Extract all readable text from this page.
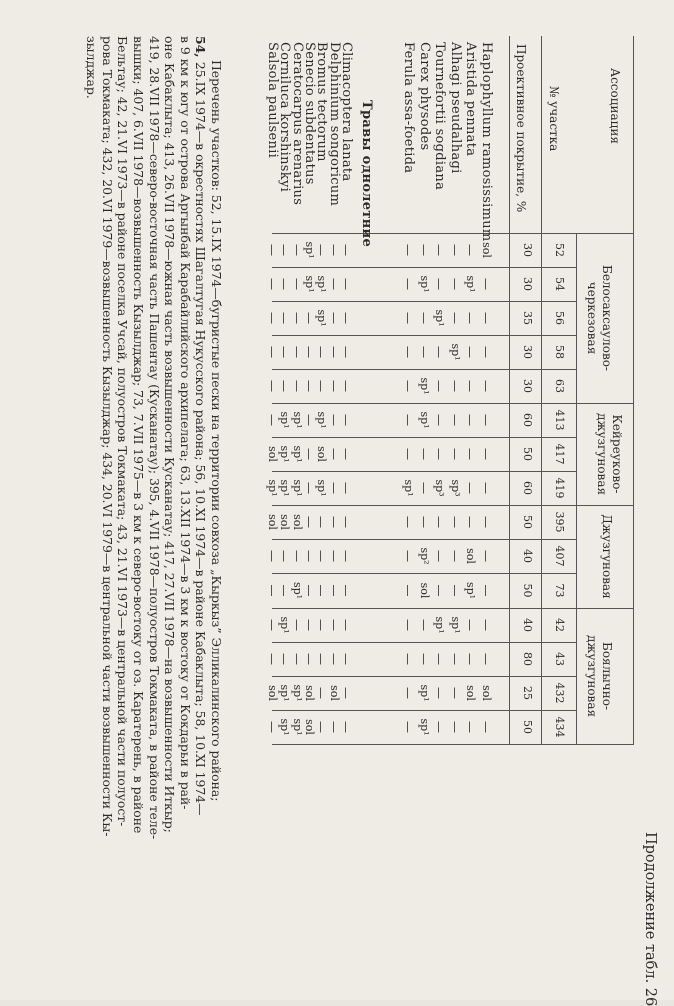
Продолжение табл. 26
Ассоциация
№ участка
Проективное покрытие, %
Белосаксаулово-черкезовая
Кейреуково-джузгуновая
Джузгуновая
Боялычно-джузгуновая
52
30
54
30
56
35
58
30
63
30
413
60
417
50
419
60
395
50
407
40
73
50
42
40
43
80
432
25
434
50
Haplophyllum ramosissimum
sol
—
—
—
—
—
—
—
—
—
—
—
—
sol
—
Aristida pennata
—
sp¹
—
—
—
—
—
—
—
sol
sp¹
—
—
sol
—
Alhagi pseudalhagi
—
—
—
sp¹
—
—
—
sp³
—
—
—
sp¹
—
—
—
Tournefortii sogdiana
—
—
sp¹
—
—
—
—
sp³
—
—
—
sp¹
—
—
—
Carex physodes
—
sp¹
—
—
sp¹
sp¹
—
—
—
sp²
sol
—
—
sp¹
sp¹
Ferula assa-foetida
—
—
—
—
—
—
—
sp¹
—
—
—
—
—
—
—
Climacoptera lanata
—
—
—
—
—
—
—
—
—
—
—
—
—
—
—
Delphinium songoricum
—
—
—
—
—
—
—
—
—
—
—
—
—
sol
—
Bromus tectorum
—
sp¹
sp¹
—
—
sp¹
sol
sp¹
—
—
—
—
—
—
—
Senecio subdentatus
sp¹
sp¹
—
—
—
—
—
—
—
—
—
—
—
sol
sol
Ceratocarpus arenarius
—
—
—
—
—
sp¹
sp¹
sp¹
sol
—
sp¹
—
—
sp¹
sp¹
Corniluca korshinskyi
—
—
—
—
—
sp¹
sp¹
sp¹
sol
—
—
sp¹
—
sp¹
sp¹
Salsola paulsenii
—
—
—
—
—
—
sol
sp¹
sol
—
—
—
—
sol
—
Травы однолетние
Перечень участков: 52, 15.IX 1974—бугристые пески на территории совхоза „Кыркыз” Элликалинского района;
54, 25.IX 1974—в окрестностях Шагалтугая Нукусского района; 56, 10.XI 1974—в районе Кабаклыта; 58, 10.XI 1974—
в 9 км к югу от острова Аргынбай Карабайлийского архипелага; 63, 13.XII 1974—в 3 км к востоку от Кокдарьи в рай-
оне Кабаклыта; 413, 26.VII 1978—южная часть возвышенности Кусканатау; 417, 27.VII 1978—на возвышенности Иткыр;
419, 28.VII 1978—северо-восточная часть Пашентау (Кусканатау); 395, 4.VII 1978—полуостров Токмаката, в районе теле-
вышки; 407, 6.VII 1978—возвышенность Кызылджар; 73, 7.VII 1975—в 3 км к северо-востоку от оз. Каратерень, в районе
Бельтау; 42, 21.VI 1973—в районе поселка Учсай, полуостров Токмаката; 43, 21.VI 1973—в центральной части полуост-
рова Токмаката; 432, 20.VI 1979—возвышенность Кызылджар; 434, 20.VI 1979—в центральной части возвышенности Кы-
зылджар.
